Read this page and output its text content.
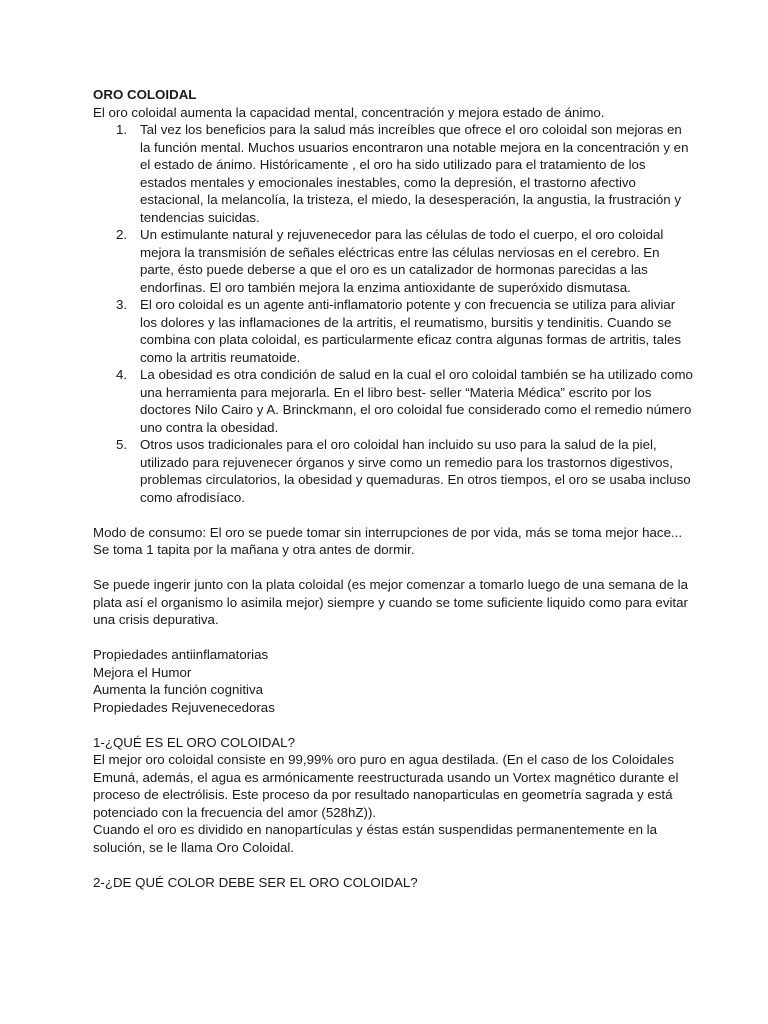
ORO COLOIDAL

El oro coloidal aumenta la capacidad mental, concentración y mejora estado de ánimo.

1. Tal vez los beneficios para la salud más increíbles que ofrece el oro coloidal son mejoras en la función mental. Muchos usuarios encontraron una notable mejora en la concentración y en el estado de ánimo. Históricamente , el oro ha sido utilizado para el tratamiento de los estados mentales y emocionales inestables, como la depresión, el trastorno afectivo estacional, la melancolía, la tristeza, el miedo, la desesperación, la angustia, la frustración y tendencias suicidas.
2. Un estimulante natural y rejuvenecedor para las células de todo el cuerpo, el oro coloidal mejora la transmisión de señales eléctricas entre las células nerviosas en el cerebro. En parte, ésto puede deberse a que el oro es un catalizador de hormonas parecidas a las endorfinas. El oro también mejora la enzima antioxidante de superóxido dismutasa.
3. El oro coloidal es un agente anti-inflamatorio potente y con frecuencia se utiliza para aliviar los dolores y las inflamaciones de la artritis, el reumatismo, bursitis y tendinitis. Cuando se combina con plata coloidal, es particularmente eficaz contra algunas formas de artritis, tales como la artritis reumatoide.
4. La obesidad es otra condición de salud en la cual el oro coloidal también se ha utilizado como una herramienta para mejorarla. En el libro best- seller “Materia Médica” escrito por los doctores Nilo Cairo y A. Brinckmann, el oro coloidal fue considerado como el remedio número uno contra la obesidad.
5. Otros usos tradicionales para el oro coloidal han incluido su uso para la salud de la piel, utilizado para rejuvenecer órganos y sirve como un remedio para los trastornos digestivos, problemas circulatorios, la obesidad y quemaduras. En otros tiempos, el oro se usaba incluso como afrodisíaco.

Modo de consumo: El oro se puede tomar sin interrupciones de por vida, más se toma mejor hace... Se toma 1 tapita por la mañana y otra antes de dormir.

Se puede ingerir junto con la plata coloidal (es mejor comenzar a tomarlo luego de una semana de la plata así el organismo lo asimila mejor) siempre y cuando se tome suficiente liquido como para evitar una crisis depurativa.

Propiedades antiinflamatorias

Mejora el Humor

Aumenta la función cognitiva

Propiedades Rejuvenecedoras

1-¿QUÉ ES EL ORO COLOIDAL?

El mejor oro coloidal consiste en 99,99% oro puro en agua destilada. (En el caso de los Coloidales Emuná, además, el agua es armónicamente reestructurada usando un Vortex magnético durante el proceso de electrólisis. Este proceso da por resultado nanoparticulas en geometría sagrada y está potenciado con la frecuencia del amor (528hZ)).

Cuando el oro es dividido en nanopartículas y éstas están suspendidas permanentemente en la solución, se le llama Oro Coloidal.

2-¿DE QUÉ COLOR DEBE SER EL ORO COLOIDAL?
